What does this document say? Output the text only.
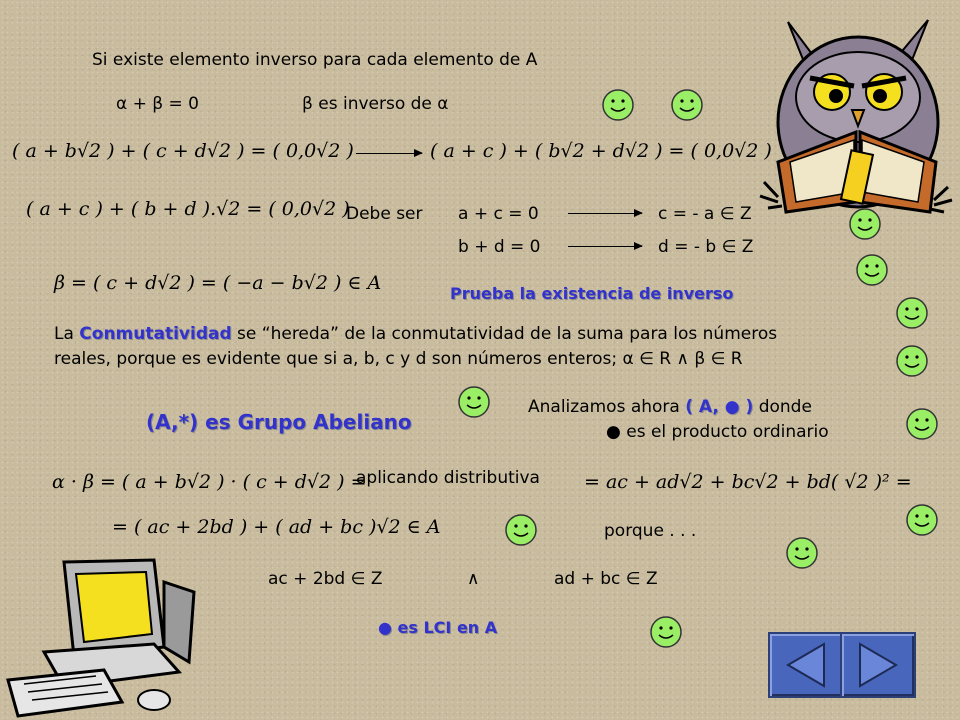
Si existe elemento inverso para cada elemento de A
α + β = 0	β es inverso de α
( a + b√2 ) + ( c + d√2 ) = ( 0,0√2 )	( a + c ) + ( b√2 + d√2 ) = ( 0,0√2 )
( a + c ) + ( b + d ).√2 = ( 0,0√2 )
Debe ser a + c = 0	c = - a ∈ Z
b + d = 0	d = - b ∈ Z
β = ( c + d√2 ) = ( −a − b√2 ) ∈ A	Prueba la existencia de inverso
La Conmutatividad se “hereda” de la conmutatividad de la suma para los números
reales, porque es evidente que si a, b, c y d son números enteros; α ∈ R ∧ β ∈ R
(A,*) es Grupo Abeliano
Analizamos ahora ( A, ● ) donde
● es el producto ordinario
α · β = ( a + b√2 ) · ( c + d√2 ) =
aplicando distributiva = ac + ad√2 + bc√2 + bd( √2 )² =
= ( ac + 2bd ) + ( ad + bc )√2 ∈ A	porque . . .
ac + 2bd ∈ Z	∧	ad + bc ∈ Z
● es LCI en A
